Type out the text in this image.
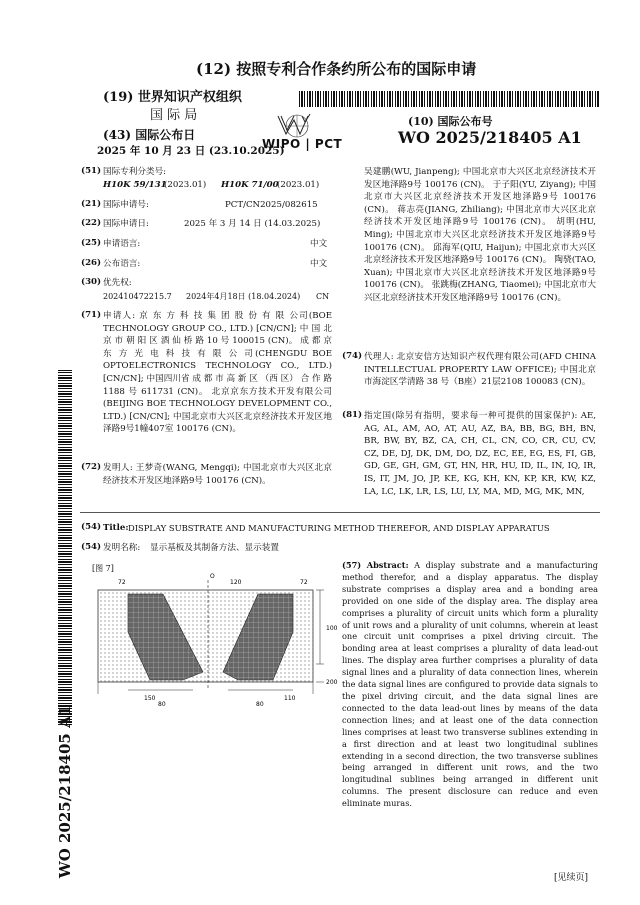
(12) 按照专利合作条约所公布的国际申请
(19) 世界知识产权组织
国 际 局
(43) 国际公布日
2025 年 10 月 23 日 (23.10.2025)
WIPO | PCT
(10) 国际公布号
WO 2025/218405 A1
WO 2025/218405 A1
(51) 国际专利分类号:
H10K 59/131
(2023.01) H10K 71/00
(2023.01)
(21) 国际申请号:	PCT/CN2025/082615
(22) 国际申请日:	2025 年 3 月 14 日 (14.03.2025)
(25) 申请语言:	中文
(26) 公布语言:	中文
(30) 优先权:
202410472215.7 2024年4月18日 (18.04.2024) CN
(71) 申请人: 京 东 方 科 技 集 团 股 份 有 限 公司(BOE TECHNOLOGY GROUP CO., LTD.) [CN/CN]; 中 国 北 京 市 朝 阳 区 酒 仙 桥 路 10 号 100015 (CN)。 成 都 京 东 方 光 电 科 技 有 限 公 司(CHENGDU BOE OPTOELECTRONICS TECHNOLOGY CO., LTD.) [CN/CN]; 中国四川省 成 都 市 高 新 区 （西 区） 合 作 路 1188 号 611731 (CN)。 北京京东方技术开发有限公司(BEIJING BOE TECHNOLOGY DEVELOPMENT CO., LTD.) [CN/CN]; 中国北京市大兴区北京经济技术开发区地泽路9号1幢407室 100176 (CN)。
(72) 发明人: 王梦奇(WANG, Mengqi); 中国北京市大兴区北京经济技术开发区地泽路9号 100176 (CN)。
吴建鹏(WU, Jianpeng); 中国北京市大兴区北京经济技术开发区地泽路9号 100176 (CN)。 于子阳(YU, Ziyang); 中国北京市大兴区北京经济技术开发区地泽路9号 100176 (CN)。 蒋志亮(JIANG, Zhiliang); 中国北京市大兴区北京经济技术开发区地泽路9号 100176 (CN)。 胡明(HU, Ming); 中国北京市大兴区北京经济技术开发区地泽路9号 100176 (CN)。 邱海军(QIU, Haijun); 中国北京市大兴区北京经济技术开发区地泽路9号 100176 (CN)。 陶骁(TAO, Xuan); 中国北京市大兴区北京经济技术开发区地泽路9号 100176 (CN)。 张跳梅(ZHANG, Tiaomei); 中国北京市大兴区北京经济技术开发区地泽路9号 100176 (CN)。
(74) 代理人: 北京安信方达知识产权代理有限公司(AFD CHINA INTELLECTUAL PROPERTY LAW OFFICE); 中国北京市海淀区学清路 38 号（B座）21层2108 100083 (CN)。
(81) 指定国(除另有指明，要求每一种可提供的国家保护): AE, AG, AL, AM, AO, AT, AU, AZ, BA, BB, BG, BH, BN, BR, BW, BY, BZ, CA, CH, CL, CN, CO, CR, CU, CV, CZ, DE, DJ, DK, DM, DO, DZ, EC, EE, EG, ES, FI, GB, GD, GE, GH, GM, GT, HN, HR, HU, ID, IL, IN, IQ, IR, IS, IT, JM, JO, JP, KE, KG, KH, KN, KP, KR, KW, KZ, LA, LC, LK, LR, LS, LU, LY, MA, MD, MG, MK, MN,
(54) Title: DISPLAY SUBSTRATE AND MANUFACTURING METHOD THEREFOR, AND DISPLAY APPARATUS
(54) 发明名称: 显示基板及其制备方法、显示装置
[图 7]
72	120	72
O
100
200
110
80
150
80
(57) Abstract: A display substrate and a manufacturing method therefor, and a display apparatus. The display substrate comprises a display area and a bonding area provided on one side of the display area. The display area comprises a plurality of circuit units which form a plurality of unit rows and a plurality of unit columns, wherein at least one circuit unit comprises a pixel driving circuit. The bonding area at least comprises a plurality of data lead-out lines. The display area further comprises a plurality of data signal lines and a plurality of data connection lines, wherein the data signal lines are configured to provide data signals to the pixel driving circuit, and the data signal lines are connected to the data lead-out lines by means of the data connection lines; and at least one of the data connection lines comprises at least two transverse sublines extending in a first direction and at least two longitudinal sublines extending in a second direction, the two transverse sublines being arranged in different unit rows, and the two longitudinal sublines being arranged in different unit columns. The present disclosure can reduce and even eliminate muras.
[见续页]
